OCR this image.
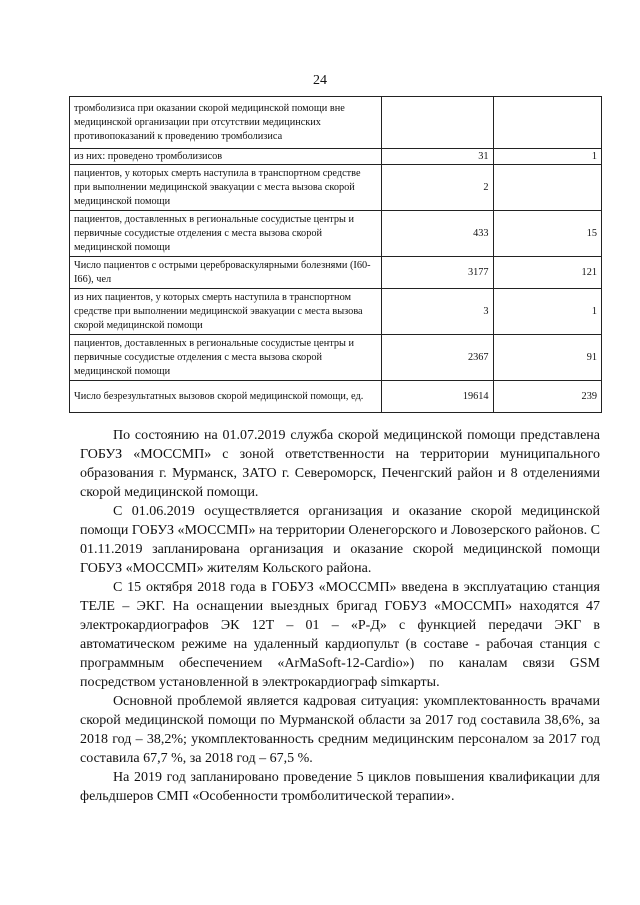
24
тромболизиса при оказании скорой медицинской помощи вне медицинской организации при отсутствии медицинских противопоказаний к проведению тромболизиса		
из них: проведено тромболизисов	31	1
пациентов, у которых смерть наступила в транспортном средстве при выполнении медицинской эвакуации с места вызова скорой медицинской помощи	2	
пациентов, доставленных в региональные сосудистые центры и первичные сосудистые отделения с места вызова скорой медицинской помощи	433	15
Число пациентов с острыми цереброваскулярными болезнями (I60-I66), чел	3177	121
из них пациентов, у которых смерть наступила в транспортном средстве при выполнении медицинской эвакуации с места вызова скорой медицинской помощи	3	1
пациентов, доставленных в региональные сосудистые центры и первичные сосудистые отделения с места вызова скорой медицинской помощи	2367	91
Число безрезультатных вызовов скорой медицинской помощи, ед.	19614	239

По состоянию на 01.07.2019 служба скорой медицинской помощи представлена ГОБУЗ «МОССМП» с зоной ответственности на территории муниципального образования г. Мурманск, ЗАТО г. Североморск, Печенгский район и 8 отделениями скорой медицинской помощи.

С 01.06.2019 осуществляется организация и оказание скорой медицинской помощи ГОБУЗ «МОССМП» на территории Оленегорского и Ловозерского районов. С 01.11.2019 запланирована организация и оказание скорой медицинской помощи ГОБУЗ «МОССМП» жителям Кольского района.

С 15 октября 2018 года в ГОБУЗ «МОССМП» введена в эксплуатацию станция ТЕЛЕ – ЭКГ. На оснащении выездных бригад ГОБУЗ «МОССМП» находятся 47 электрокардиографов ЭК 12Т – 01 – «Р-Д» с функцией передачи ЭКГ в автоматическом режиме на удаленный кардиопульт (в составе - рабочая станция с программным обеспечением «ArMaSoft-12-Cardio») по каналам связи GSM посредством установленной в электрокардиограф simкарты.

Основной проблемой является кадровая ситуация: укомплектованность врачами скорой медицинской помощи по Мурманской области за 2017 год составила 38,6%, за 2018 год – 38,2%; укомплектованность средним медицинским персоналом за 2017 год составила 67,7 %, за 2018 год – 67,5 %.

На 2019 год запланировано проведение 5 циклов повышения квалификации для фельдшеров СМП «Особенности тромболитической терапии».
